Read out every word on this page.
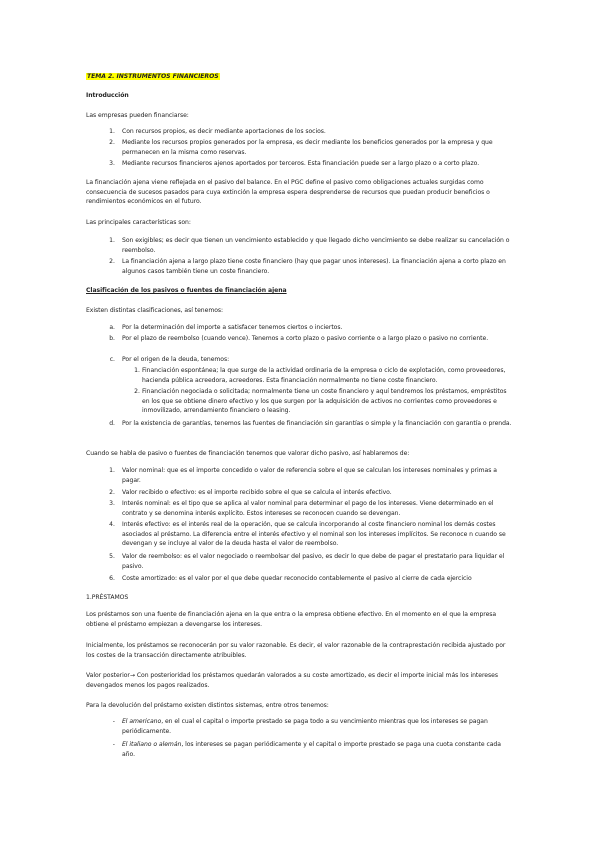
TEMA 2. INSTRUMENTOS FINANCIEROS
Introducción
Las empresas pueden financiarse:
1. Con recursos propios, es decir mediante aportaciones de los socios.
2. Mediante los recursos propios generados por la empresa, es decir mediante los beneficios generados por la empresa y que permanecen en la misma como reservas.
3. Mediante recursos financieros ajenos aportados por terceros. Esta financiación puede ser a largo plazo o a corto plazo.
La financiación ajena viene reflejada en el pasivo del balance. En el PGC define el pasivo como obligaciones actuales surgidas como consecuencia de sucesos pasados para cuya extinción la empresa espera desprenderse de recursos que puedan producir beneficios o rendimientos económicos en el futuro.
Las principales características son:
1. Son exigibles; es decir que tienen un vencimiento establecido y que llegado dicho vencimiento se debe realizar su cancelación o reembolso.
2. La financiación ajena a largo plazo tiene coste financiero (hay que pagar unos intereses). La financiación ajena a corto plazo en algunos casos también tiene un coste financiero.
Clasificación de los pasivos o fuentes de financiación ajena
Existen distintas clasificaciones, así tenemos:
a. Por la determinación del importe a satisfacer tenemos ciertos o inciertos.
b. Por el plazo de reembolso (cuando vence). Tenemos a corto plazo o pasivo corriente o a largo plazo o pasivo no corriente.
c. Por el origen de la deuda, tenemos:
1. Financiación espontánea; la que surge de la actividad ordinaria de la empresa o ciclo de explotación, como proveedores, hacienda pública acreedora, acreedores. Esta financiación normalmente no tiene coste financiero.
2. Financiación negociada o solicitada; normalmente tiene un coste financiero y aquí tendremos los préstamos, empréstitos en los que se obtiene dinero efectivo y los que surgen por la adquisición de activos no corrientes como proveedores e inmovilizado, arrendamiento financiero o leasing.
d. Por la existencia de garantías, tenemos las fuentes de financiación sin garantías o simple y la financiación con garantía o prenda.
Cuando se habla de pasivo o fuentes de financiación tenemos que valorar dicho pasivo, así hablaremos de:
1. Valor nominal: que es el importe concedido o valor de referencia sobre el que se calculan los intereses nominales y primas a pagar.
2. Valor recibido o efectivo: es el importe recibido sobre el que se calcula el interés efectivo.
3. Interés nominal: es el tipo que se aplica al valor nominal para determinar el pago de los intereses. Viene determinado en el contrato y se denomina interés explícito. Estos intereses se reconocen cuando se devengan.
4. Interés efectivo: es el interés real de la operación, que se calcula incorporando al coste financiero nominal los demás costes asociados al préstamo. La diferencia entre el interés efectivo y el nominal son los intereses implícitos. Se reconoce n cuando se devengan y se incluye al valor de la deuda hasta el valor de reembolso.
5. Valor de reembolso: es el valor negociado o reembolsar del pasivo, es decir lo que debe de pagar el prestatario para liquidar el pasivo.
6. Coste amortizado: es el valor por el que debe quedar reconocido contablemente el pasivo al cierre de cada ejercicio
1.PRÉSTAMOS
Los préstamos son una fuente de financiación ajena en la que entra o la empresa obtiene efectivo. En el momento en el que la empresa obtiene el préstamo empiezan a devengarse los intereses.
Inicialmente, los préstamos se reconocerán por su valor razonable. Es decir, el valor razonable de la contraprestación recibida ajustado por los costes de la transacción directamente atribuibles.
Valor posterior→ Con posterioridad los préstamos quedarán valorados a su coste amortizado, es decir el importe inicial más los intereses devengados menos los pagos realizados.
Para la devolución del préstamo existen distintos sistemas, entre otros tenemos:
- El americano, en el cual el capital o importe prestado se paga todo a su vencimiento mientras que los intereses se pagan periódicamente.
- El italiano o alemán, los intereses se pagan periódicamente y el capital o importe prestado se paga una cuota constante cada año.
